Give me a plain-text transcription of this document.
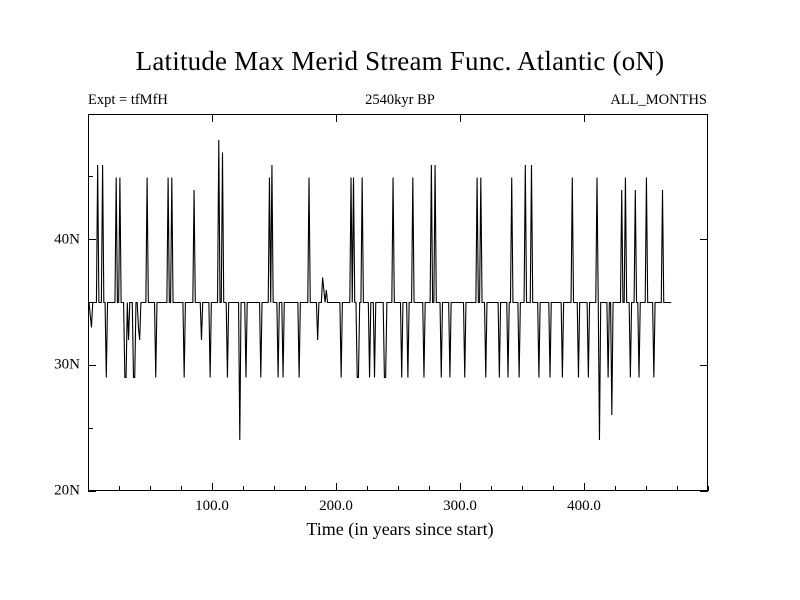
Latitude Max Merid Stream Func. Atlantic (oN)
Expt = tfMfH	2540kyr BP	ALL_MONTHS
Time (in years since start)
20N
30N
40N
100.0	200.0	300.0	400.0
